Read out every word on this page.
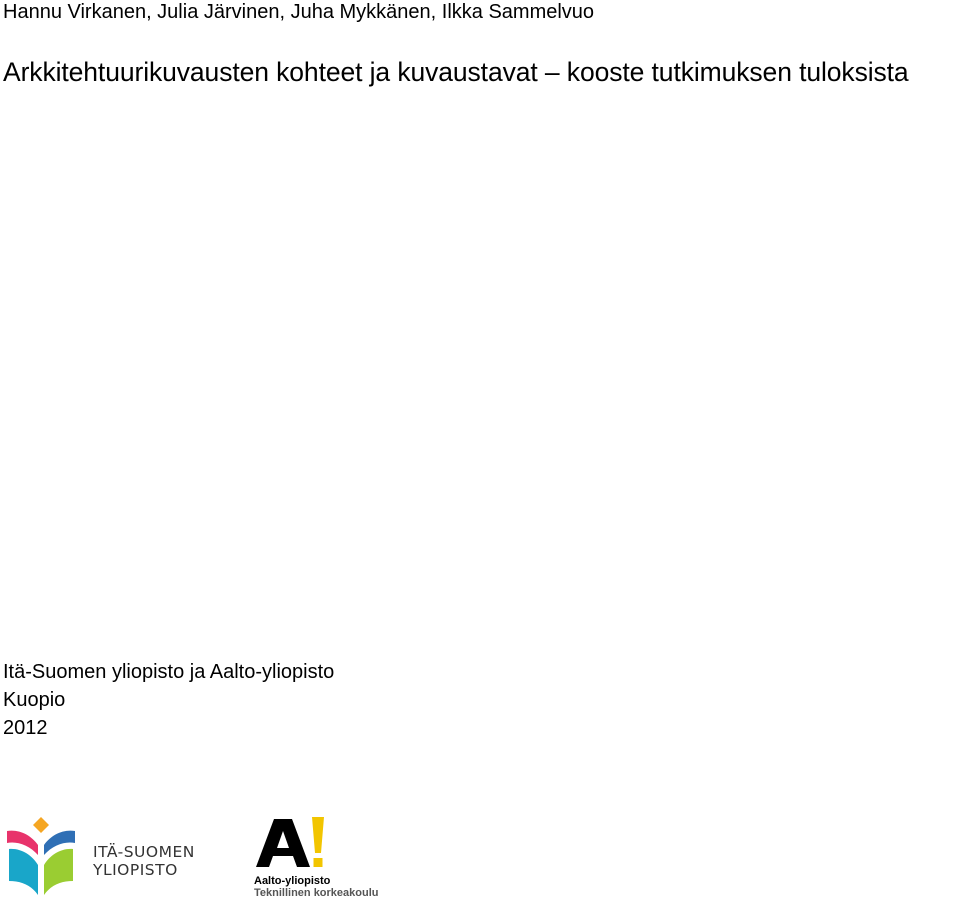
Hannu Virkanen, Julia Järvinen, Juha Mykkänen, Ilkka Sammelvuo
Arkkitehtuurikuvausten kohteet ja kuvaustavat – kooste tutkimuksen tuloksista
Itä-Suomen yliopisto ja Aalto-yliopisto
Kuopio
2012
ITÄ-SUOMEN
YLIOPISTO
Aalto-yliopisto
Teknillinen korkeakoulu
